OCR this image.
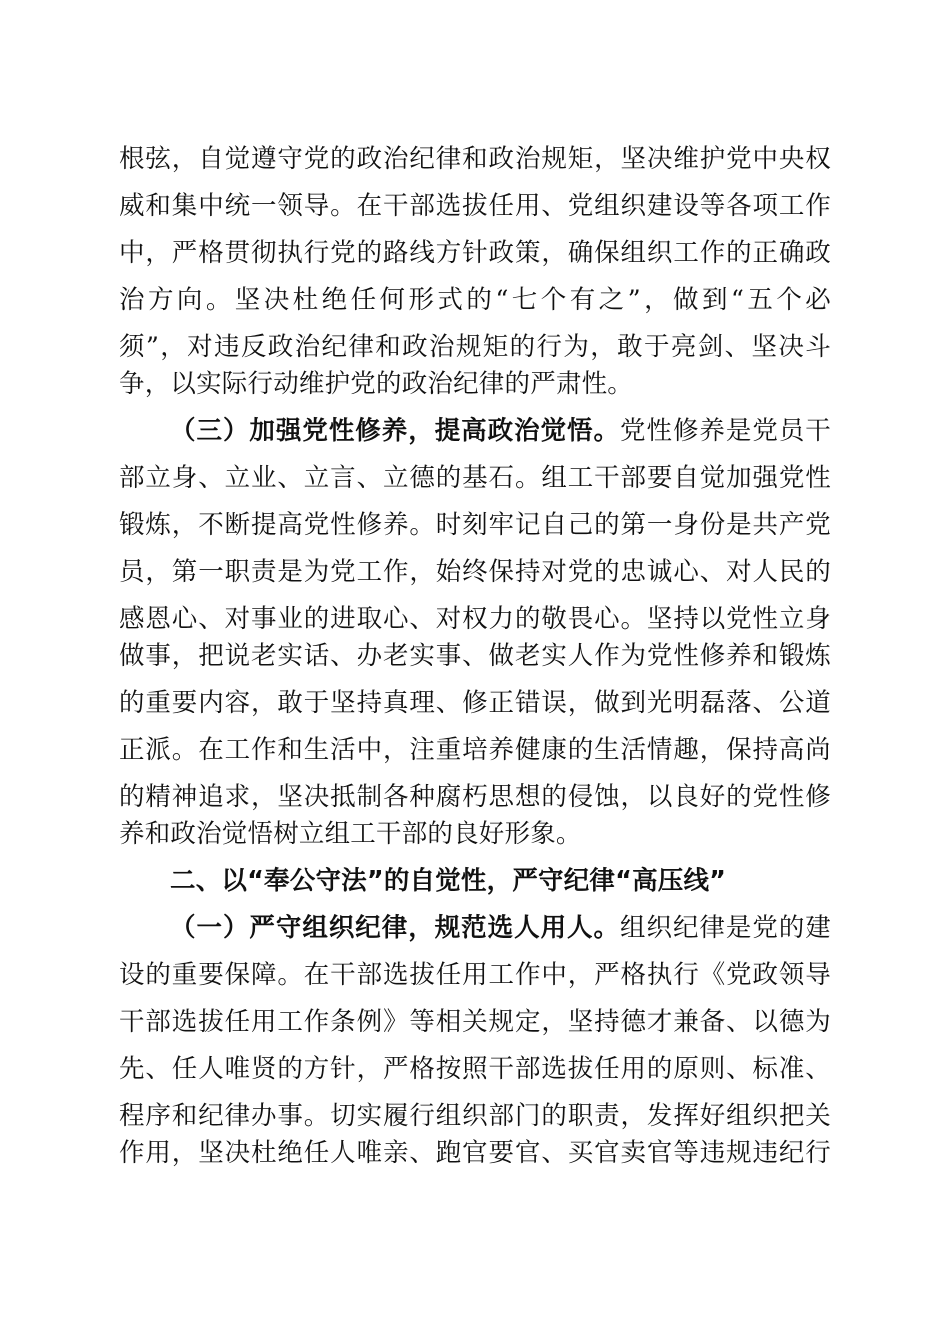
根弦，自觉遵守党的政治纪律和政治规矩，坚决维护党中央权
威和集中统一领导。在干部选拔任用、党组织建设等各项工作
中，严格贯彻执行党的路线方针政策，确保组织工作的正确政
治方向。坚决杜绝任何形式的“七个有之”，做到“五个必
须”，对违反政治纪律和政治规矩的行为，敢于亮剑、坚决斗
争，以实际行动维护党的政治纪律的严肃性。
（三）加强党性修养，提高政治觉悟。党性修养是党员干
部立身、立业、立言、立德的基石。组工干部要自觉加强党性
锻炼，不断提高党性修养。时刻牢记自己的第一身份是共产党
员，第一职责是为党工作，始终保持对党的忠诚心、对人民的
感恩心、对事业的进取心、对权力的敬畏心。坚持以党性立身
做事，把说老实话、办老实事、做老实人作为党性修养和锻炼
的重要内容，敢于坚持真理、修正错误，做到光明磊落、公道
正派。在工作和生活中，注重培养健康的生活情趣，保持高尚
的精神追求，坚决抵制各种腐朽思想的侵蚀，以良好的党性修
养和政治觉悟树立组工干部的良好形象。
二、以“奉公守法”的自觉性，严守纪律“高压线”
（一）严守组织纪律，规范选人用人。组织纪律是党的建
设的重要保障。在干部选拔任用工作中，严格执行《党政领导
干部选拔任用工作条例》等相关规定，坚持德才兼备、以德为
先、任人唯贤的方针，严格按照干部选拔任用的原则、标准、
程序和纪律办事。切实履行组织部门的职责，发挥好组织把关
作用，坚决杜绝任人唯亲、跑官要官、买官卖官等违规违纪行
